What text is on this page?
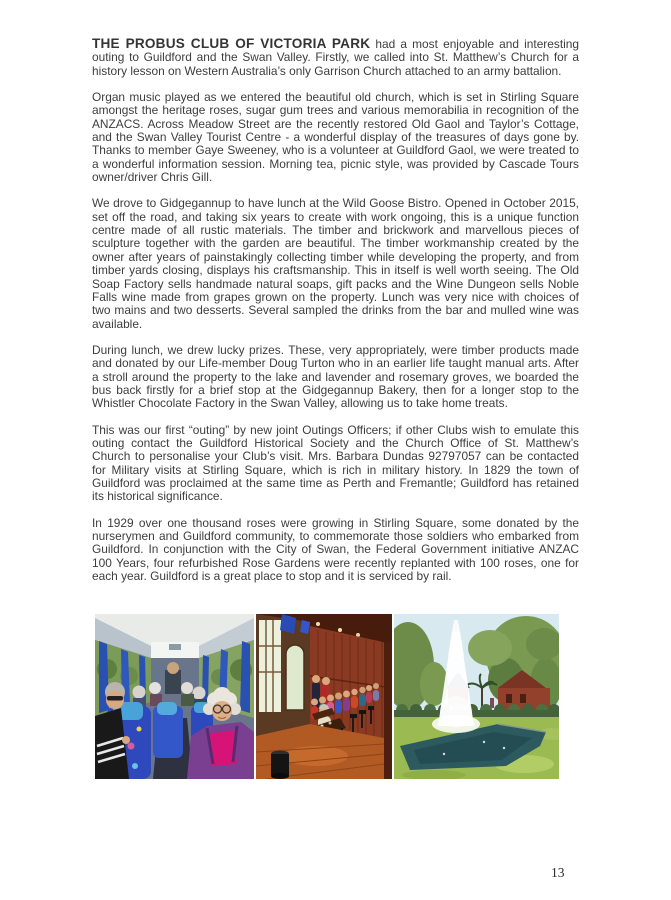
THE PROBUS CLUB OF VICTORIA PARK had a most enjoyable and interesting outing to Guildford and the Swan Valley. Firstly, we called into St. Matthew’s Church for a history lesson on Western Australia’s only Garrison Church attached to an army battalion.

Organ music played as we entered the beautiful old church, which is set in Stirling Square amongst the heritage roses, sugar gum trees and various memorabilia in recognition of the ANZACS. Across Meadow Street are the recently restored Old Gaol and Taylor’s Cottage, and the Swan Valley Tourist Centre - a wonderful display of the treasures of days gone by. Thanks to member Gaye Sweeney, who is a volunteer at Guildford Gaol, we were treated to a wonderful information session. Morning tea, picnic style, was provided by Cascade Tours owner/driver Chris Gill.

We drove to Gidgegannup to have lunch at the Wild Goose Bistro. Opened in October 2015, set off the road, and taking six years to create with work ongoing, this is a unique function centre made of all rustic materials. The timber and brickwork and marvellous pieces of sculpture together with the garden are beautiful. The timber workmanship created by the owner after years of painstakingly collecting timber while developing the property, and from timber yards closing, displays his craftsmanship. This in itself is well worth seeing. The Old Soap Factory sells handmade natural soaps, gift packs and the Wine Dungeon sells Noble Falls wine made from grapes grown on the property. Lunch was very nice with choices of two mains and two desserts. Several sampled the drinks from the bar and mulled wine was available.

During lunch, we drew lucky prizes. These, very appropriately, were timber products made and donated by our Life-member Doug Turton who in an earlier life taught manual arts. After a stroll around the property to the lake and lavender and rosemary groves, we boarded the bus back firstly for a brief stop at the Gidgegannup Bakery, then for a longer stop to the Whistler Chocolate Factory in the Swan Valley, allowing us to take home treats.

This was our first “outing” by new joint Outings Officers; if other Clubs wish to emulate this outing contact the Guildford Historical Society and the Church Office of St. Matthew’s Church to personalise your Club’s visit. Mrs. Barbara Dundas 92797057 can be contacted for Military visits at Stirling Square, which is rich in military history. In 1829 the town of Guildford was proclaimed at the same time as Perth and Fremantle; Guildford has retained its historical significance.

In 1929 over one thousand roses were growing in Stirling Square, some donated by the nurserymen and Guildford community, to commemorate those soldiers who embarked from Guildford. In conjunction with the City of Swan, the Federal Government initiative ANZAC 100 Years, four refurbished Rose Gardens were recently replanted with 100 roses, one for each year. Guildford is a great place to stop and it is serviced by rail.

13
